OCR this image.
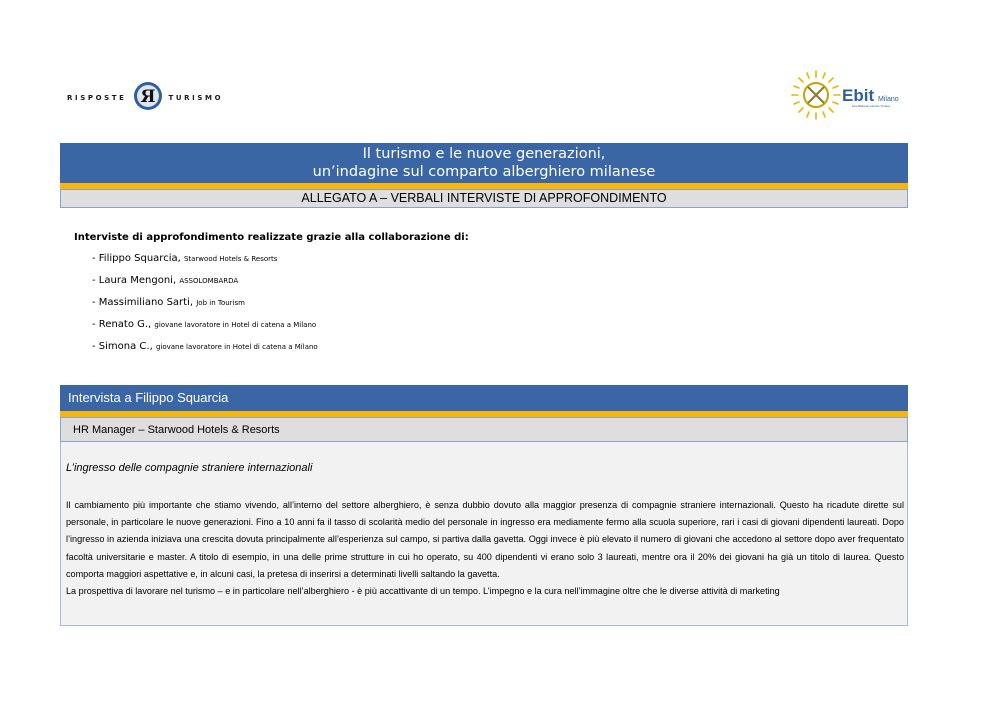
RISPOSTE Я TURISMO	Ebit Milano
Ente Bilaterale Industria Turistica
Il turismo e le nuove generazioni,
un’indagine sul comparto alberghiero milanese
ALLEGATO A – VERBALI INTERVISTE DI APPROFONDIMENTO
Interviste di approfondimento realizzate grazie alla collaborazione di:
- Filippo Squarcia, Starwood Hotels & Resorts
- Laura Mengoni, ASSOLOMBARDA
- Massimiliano Sarti, Job in Tourism
- Renato G., giovane lavoratore in Hotel di catena a Milano
- Simona C., giovane lavoratore in Hotel di catena a Milano
Intervista a Filippo Squarcia
HR Manager – Starwood Hotels & Resorts
L’ingresso delle compagnie straniere internazionali

Il cambiamento più importante che stiamo vivendo, all’interno del settore alberghiero, è senza dubbio dovuto alla maggior presenza di compagnie straniere internazionali. Questo ha ricadute dirette sul personale, in particolare le nuove generazioni. Fino a 10 anni fa il tasso di scolarità medio del personale in ingresso era mediamente fermo alla scuola superiore, rari i casi di giovani dipendenti laureati. Dopo l’ingresso in azienda iniziava una crescita dovuta principalmente all’esperienza sul campo, si partiva dalla gavetta. Oggi invece è più elevato il numero di giovani che accedono al settore dopo aver frequentato facoltà universitarie e master. A titolo di esempio, in una delle prime strutture in cui ho operato, su 400 dipendenti vi erano solo 3 laureati, mentre ora il 20% dei giovani ha già un titolo di laurea. Questo comporta maggiori aspettative e, in alcuni casi, la pretesa di inserirsi a determinati livelli saltando la gavetta.

La prospettiva di lavorare nel turismo – e in particolare nell’alberghiero - è più accattivante di un tempo. L’impegno e la cura nell’immagine oltre che le diverse attività di marketing
